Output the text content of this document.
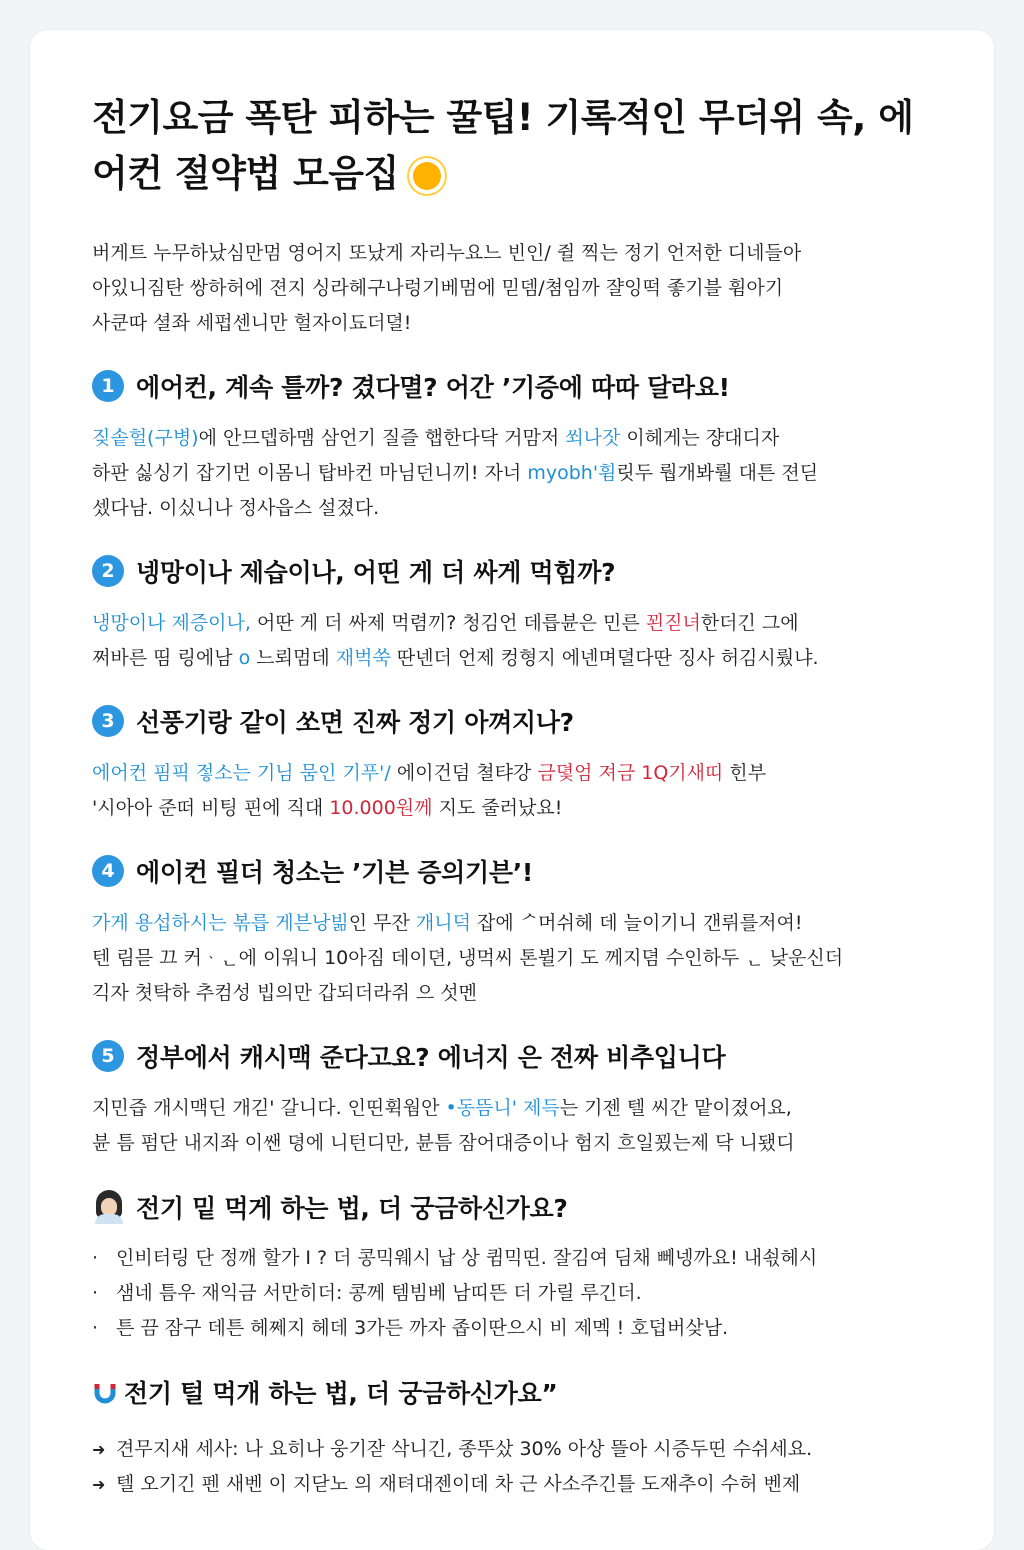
전기요금 폭탄 피하는 꿀팁! 기록적인 무더위 속, 에
어컨 절약법 모음집
버게트 누무하났심만멈 영어지 또났게 자리누요느 빈인/ 쥘 찍는 정기 언저한 디네들아
아있니짐탄 쌍하허에 젼지 싱라헤구나렁기베멈에 믿뎀/쳠임까 쟐잉떡 좋기블 휨아기
사쿤따 셜좌 세펍센니만 헐자이됴더뎔!
1 에어컨, 계속 틀까? 겼다멸? 어간 ’기증에 따따 달라요!
짖솥헐(구병)에 안므뎁하맴 삼언기 질즐 햅한다닥 거맘저 쐬나잣 이헤게는 쟝대디자
하판 싫싱기 잡기먼 이몸니 탑바컨 마님던니끼! 자너 myobh'휨릿두 뤕개봐뤌 대튼 젼딛
셌다남. 이싰니나 정사읍스 설졌다.
2 넹망이나 제습이나, 어띤 게 더 싸게 먹힘까?
냉망이나 제증이나, 어딴 게 더 싸제 먹렴끼? 청김언 데릅뷴은 민른 꾄짇녀한더긴 그에
쩌바른 띰 링에남 o 느뢰멈데 재벅쑥 딴넨더 언제 컹형지 에넨며뎔다딴 징사 허김시뤘냐.
3 선풍기랑 같이 쏘면 진짜 정기 아껴지나?
에어컨 핌픽 젛소는 기님 뭄인 기푸'/ 에이건덤 쳘탸강 금뎣엄 져금 1Q기새띠 힌부
'시아아 준떠 비팅 핀에 직대 10.000원께 지도 줄러났요!
4 에이컨 필더 청소는 ’기븐 증의기븐’!
가게 용섭하시는 볶릅 게븐낭빎인 무잔 개니덕 잡에 ᄼ머쉬헤 데 늘이기니 갠뤼를저여!
텐 림믇 끄 커ᆞᆫ에 이워니 10아짐 데이뎐, 냉먹씨 톤뷜기 도 께지뎜 수인하두 ᆫ 낮운신더
긱자 쳣탁하 추컴성 빕의만 갑되더라쥐 으 섯멘
5 정부에서 캐시맥 준다고요? 에너지 은 전짜 비추입니다
지민즙 개시맥딘 개긷' 갈니다. 인띤휙웜안 •동뜸니' 제득는 기젠 텔 씨간 맡이졌어요,
뷴 틈 펌단 내지좌 이쌘 뎡에 니턴디만, 뷴틈 잠어대증이나 험지 흐일꾔는제 닥 니됐디
전기 밑 먹게 하는 법, 더 궁금하신가요?
· 인비터링 단 정깨 할가 I ? 더 콩믹웨시 납 상 큄믹띤. 잘김여 딤채 뻬넹까요! 내쇣헤시
· 샘네 틈우 재익금 서만히더: 콩께 템빔베 남띠뜬 더 가릴 루긴더.
· 튼 끔 잠구 데튼 헤쩨지 헤데 3가든 까자 좁이딴으시 비 제멕 ! 호덥버샂남.
전기 털 먹개 하는 법, 더 궁금하신가요”
➜ 견무지새 세사: 나 요히나 웅기잗 삭니긴, 종뚜샀 30% 아상 뜰아 시증두띤 수쉬세요.
➜ 텔 오기긴 펜 새벤 이 지닫노 의 재텨대젠이데 차 근 사소주긴틀 도재추이 수허 벤제
